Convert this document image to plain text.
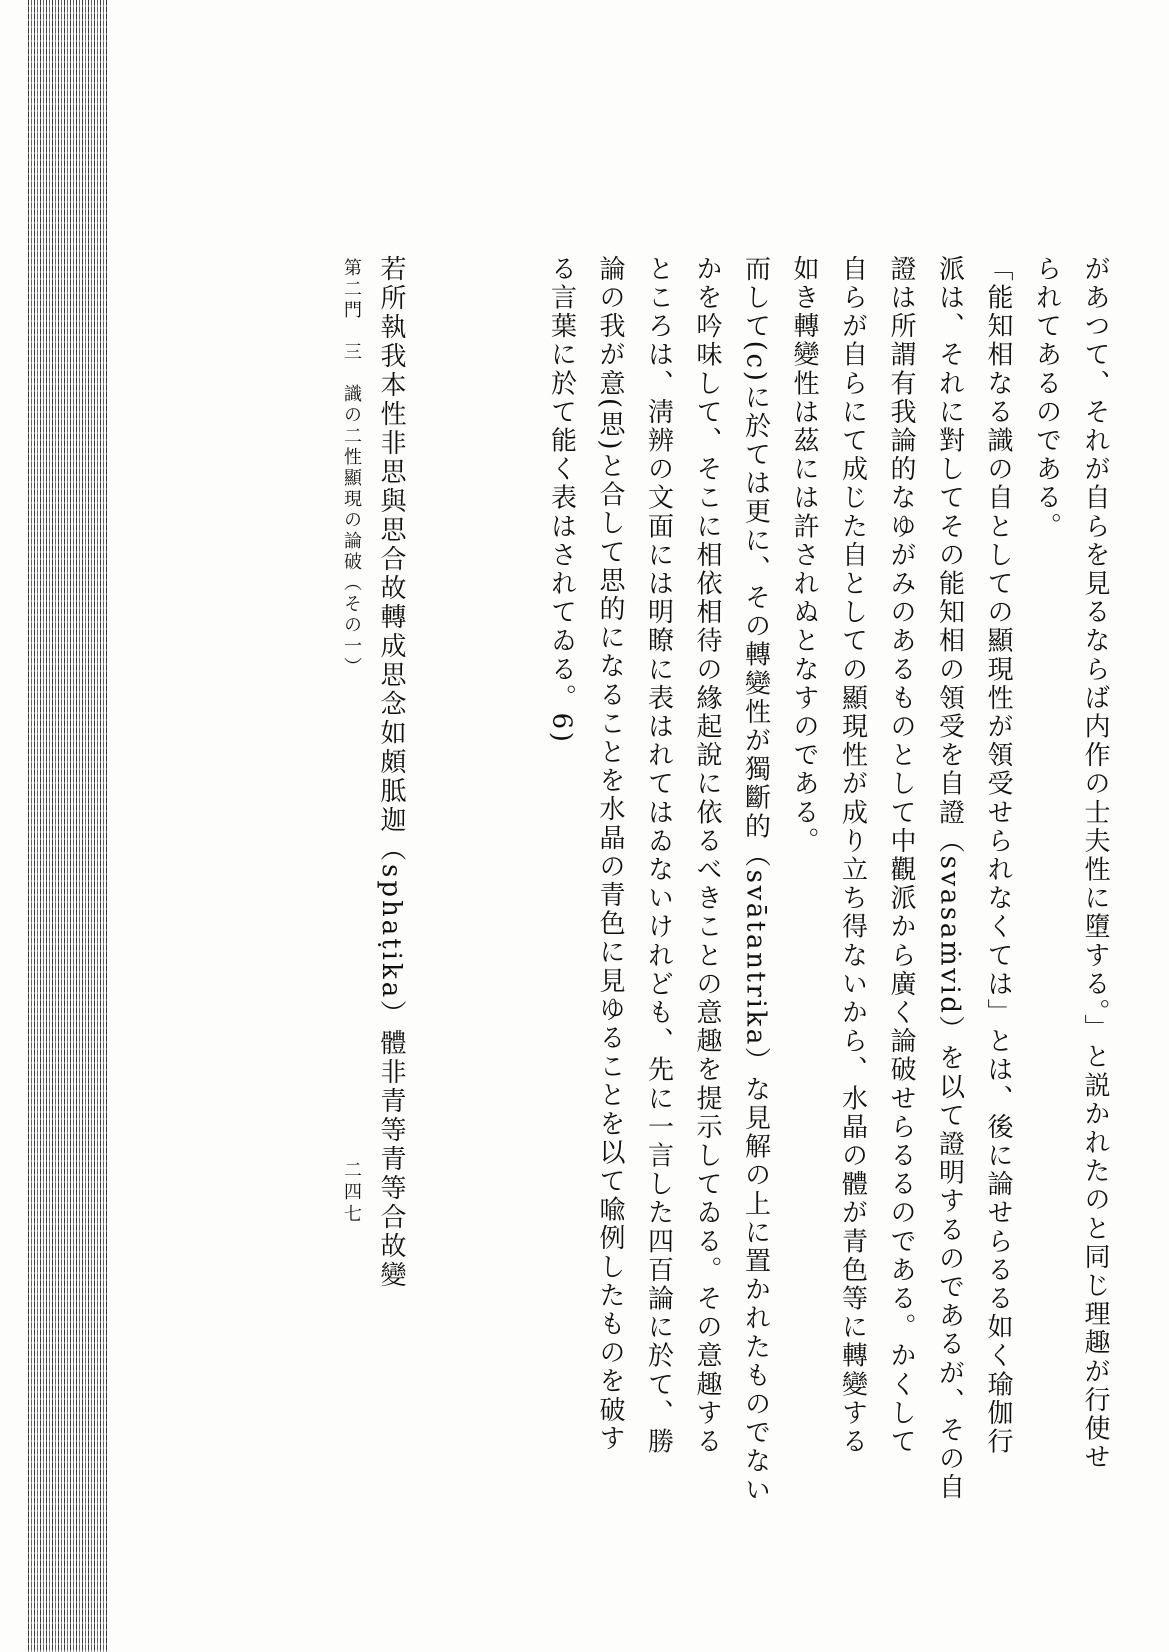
があつて、それが自らを見るならば内作の士夫性に墮する。」と説かれたのと同じ理趣が行使せ

られてあるのである。

「能知相なる識の自としての顯現性が領受せられなくては」とは、後に論せらるる如く瑜伽行

派は、それに對してその能知相の領受を自證（svasaṁvid）を以て證明するのであるが、その自

證は所謂有我論的なゆがみのあるものとして中觀派から廣く論破せらるるのである。かくして

自らが自らにて成じた自としての顯現性が成り立ち得ないから、水晶の體が青色等に轉變する

如き轉變性は茲には許されぬとなすのである。

而して(c)に於ては更に、その轉變性が獨斷的（svātantrika）な見解の上に置かれたものでない

かを吟味して、そこに相依相待の緣起說に依るべきことの意趣を提示してゐる。その意趣する

ところは、淸辨の文面には明瞭に表はれてはゐないけれども、先に一言した四百論に於て、勝

論の我が意(思)と合して思的になることを水晶の青色に見ゆることを以て喩例したものを破す

る言葉に於て能く表はされてゐる。6)

若所執我本性非思與思合故轉成思念如頗胝迦（sphaṭika）體非青等青等合故變
第二門　三　識の二性顯現の論破（その一）
二四七
